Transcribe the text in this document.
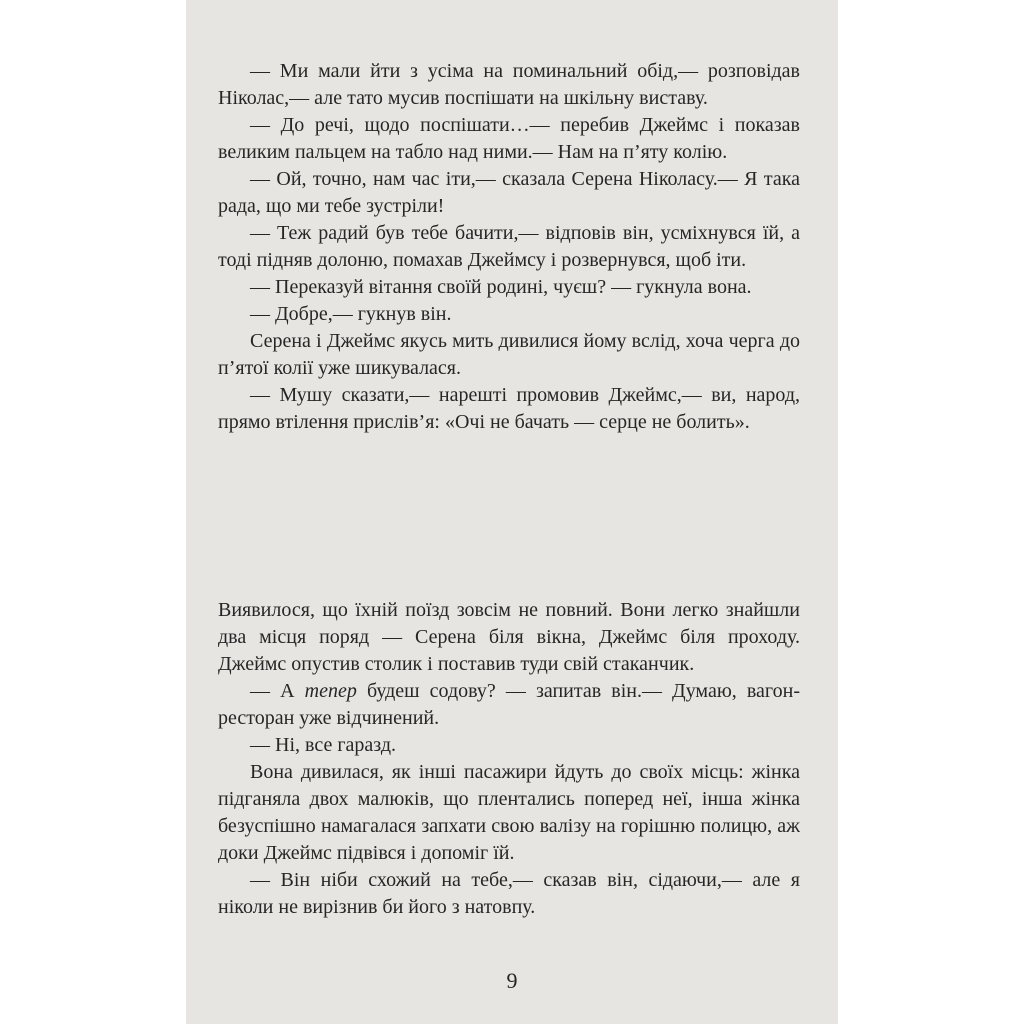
— Ми мали йти з усіма на поминальний обід,— розповідав Ніколас,— але тато мусив поспішати на шкільну виставу.

— До речі, щодо поспішати…— перебив Джеймс і показав великим пальцем на табло над ними.— Нам на п’яту колію.

— Ой, точно, нам час іти,— сказала Серена Ніколасу.— Я така рада, що ми тебе зустріли!

— Теж радий був тебе бачити,— відповів він, усміхнувся їй, а тоді підняв долоню, помахав Джеймсу і розвернувся, щоб іти.

— Переказуй вітання своїй родині, чуєш? — гукнула вона.

— Добре,— гукнув він.

Серена і Джеймс якусь мить дивилися йому вслід, хоча черга до п’ятої колії уже шикувалася.

— Мушу сказати,— нарешті промовив Джеймс,— ви, народ, прямо втілення прислів’я: «Очі не бачать — серце не болить».

Виявилося, що їхній поїзд зовсім не повний. Вони легко знайшли два місця поряд — Серена біля вікна, Джеймс біля проходу. Джеймс опустив столик і поставив туди свій стаканчик.

— А тепер будеш содову? — запитав він.— Думаю, вагон-ресторан уже відчинений.

— Ні, все гаразд.

Вона дивилася, як інші пасажири йдуть до своїх місць: жінка підганяла двох малюків, що плентались поперед неї, інша жінка безуспішно намагалася запхати свою валізу на горішню полицю, аж доки Джеймс підвівся і допоміг їй.

— Він ніби схожий на тебе,— сказав він, сідаючи,— але я ніколи не вирізнив би його з натовпу.

9
